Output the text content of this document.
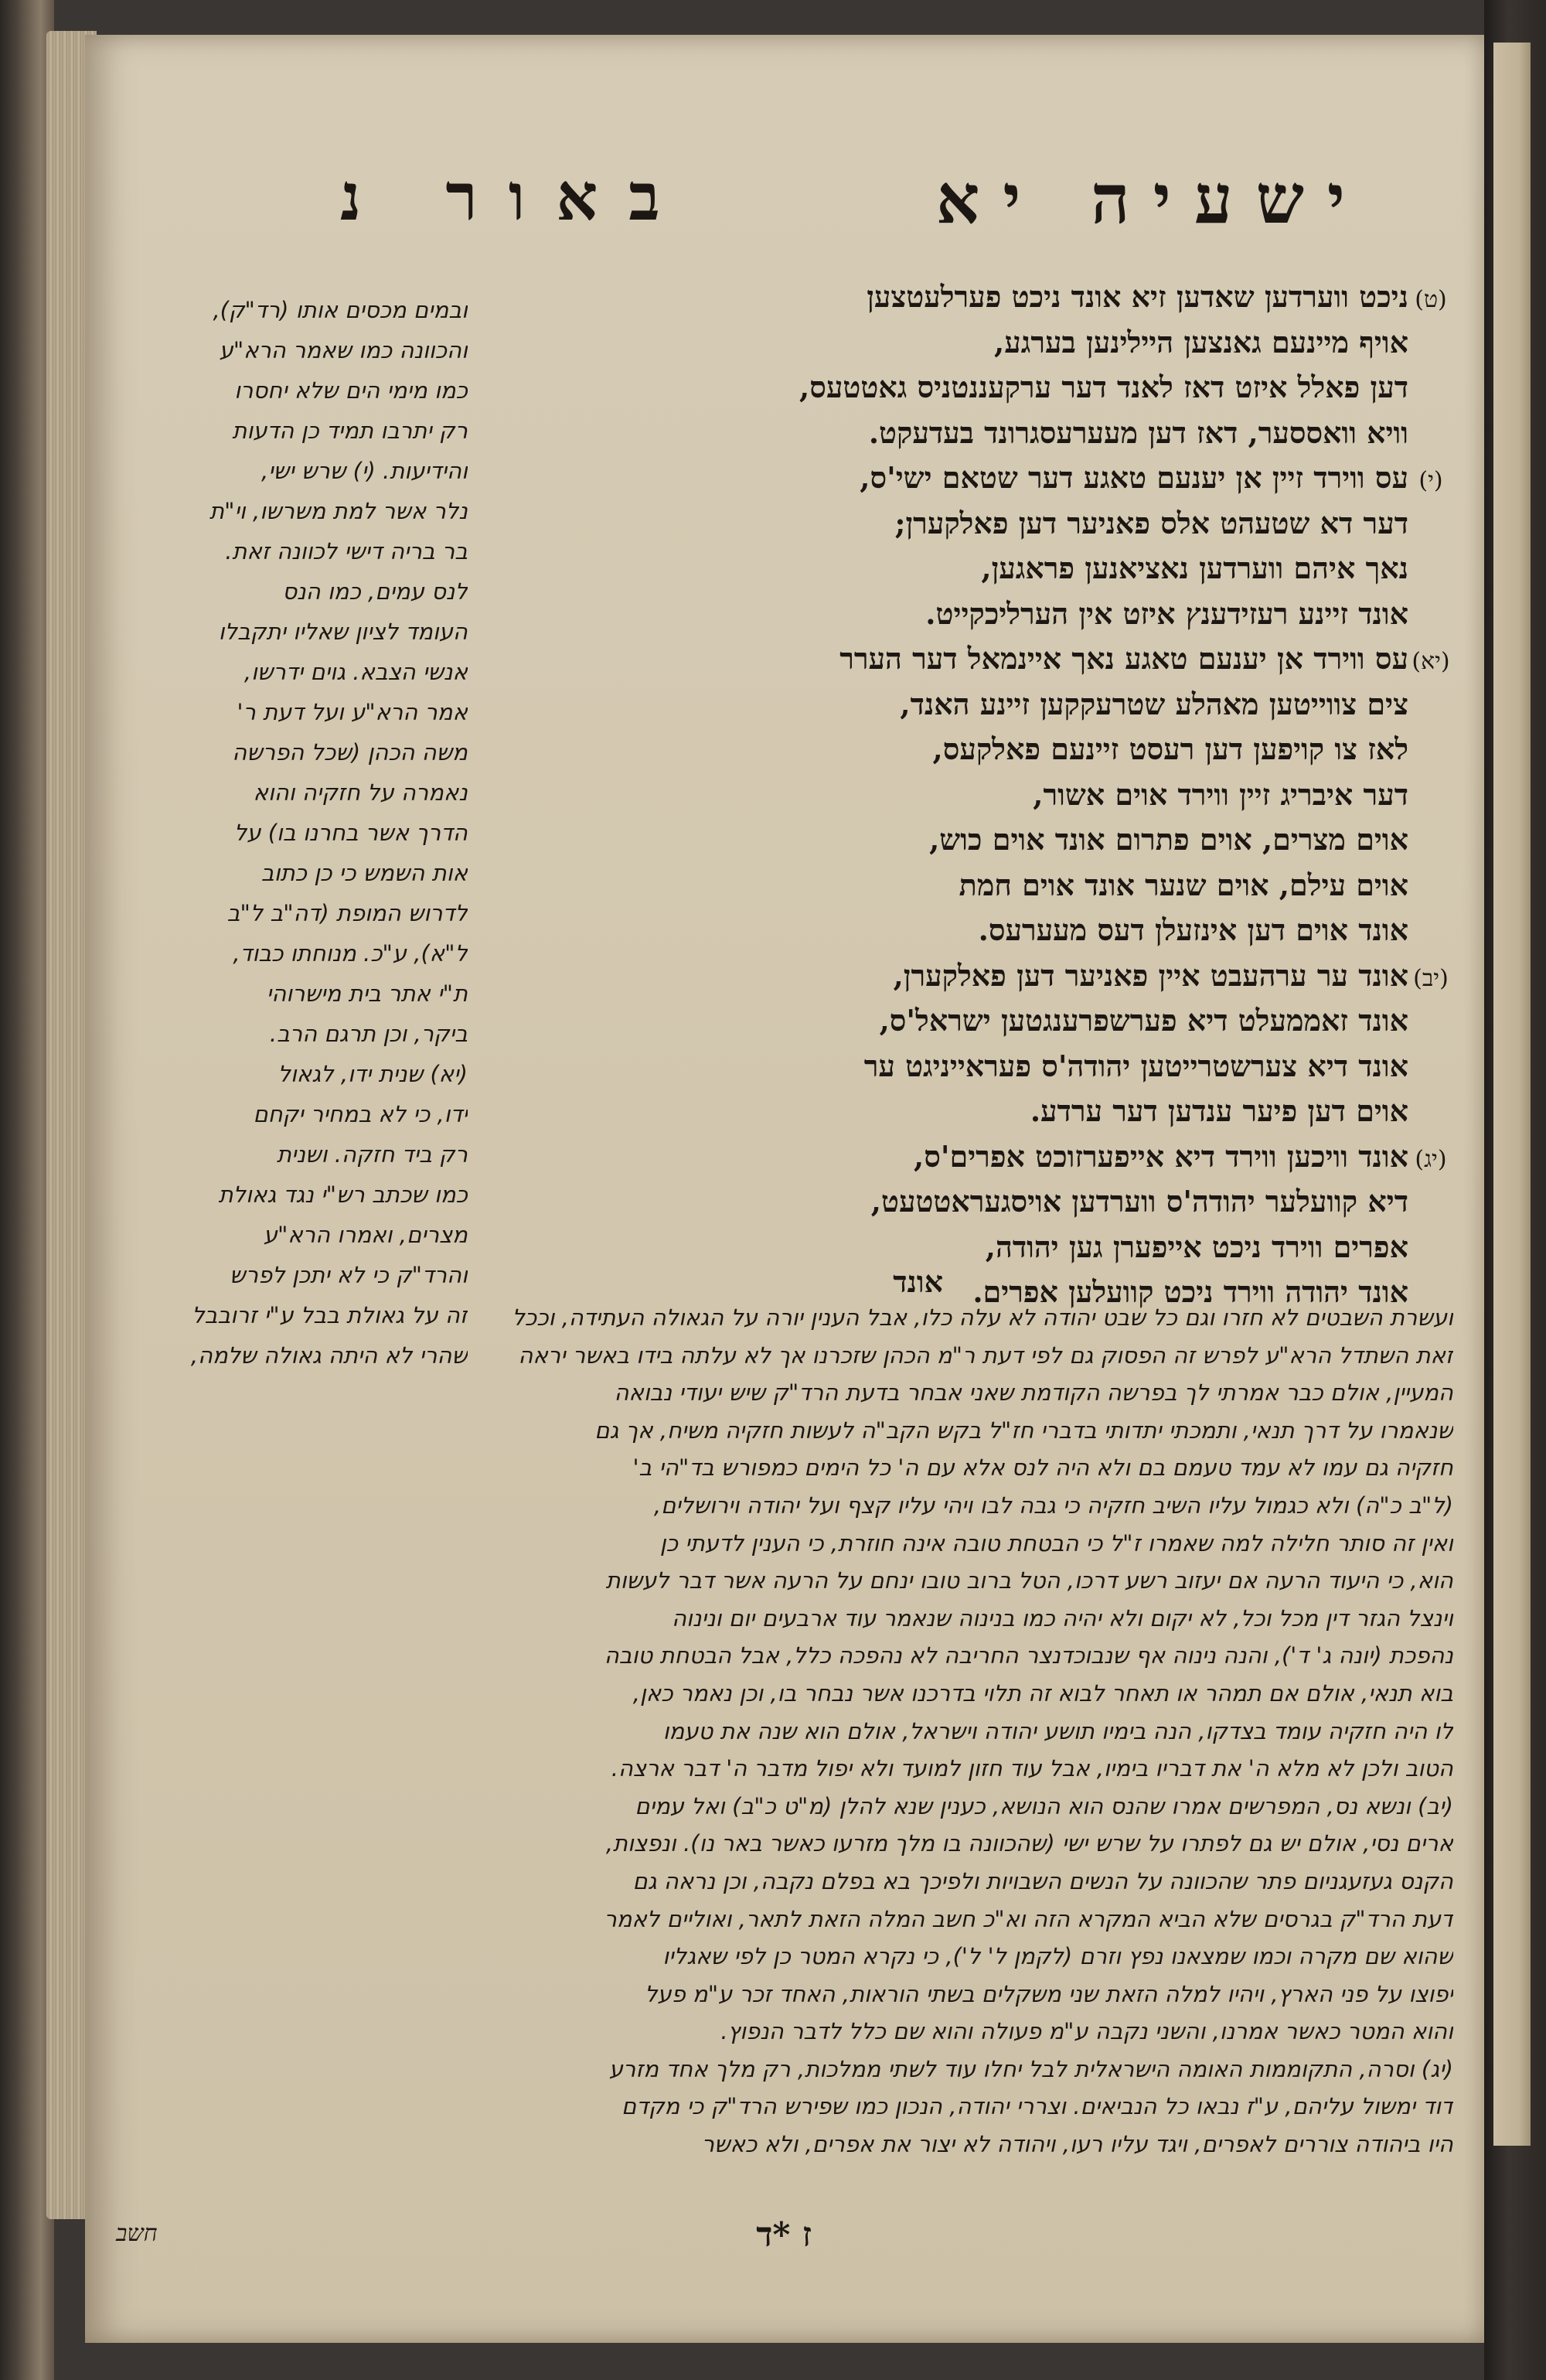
ישעיה יא
באור נ
(ט)
ניכט ווערדען שאדען זיא אונד ניכט פערלעטצען
אויף מיינעם גאנצען היילינען בערגע,
דען פאלל איזט דאז לאנד דער ערקעננטניס גאטטעס,
וויא וואססער, דאז דען מעערעסגרונד בעדעקט.
(י)
עס ווירד זיין אן יענעם טאגע דער שטאם ישי'ס,
דער דא שטעהט אלס פאניער דען פאלקערן;
נאך איהם ווערדען נאציאנען פראגען,
אונד זיינע רעזידענץ איזט אין הערליכקייט.
(יא)
עס ווירד אן יענעם טאגע נאך איינמאל דער הערר
צים צווייטען מאהלע שטרעקקען זיינע האנד,
לאז צו קויפען דען רעסט זיינעם פאלקעס,
דער איבריג זיין ווירד אוים אשור,
אוים מצרים, אוים פתרום אונד אוים כוש,
אוים עילם, אוים שנער אונד אוים חמת
אונד אוים דען אינזעלן דעס מעערעס.
(יב)
אונד ער ערהעבט איין פאניער דען פאלקערן,
אונד זאממעלט דיא פערשפרענגטען ישראל'ס,
אונד דיא צערשטרייטען יהודה'ס פעראייניגט ער
אוים דען פיער ענדען דער ערדע.
(יג)
אונד וויכען ווירד דיא אייפערזוכט אפרים'ס,
דיא קוועלער יהודה'ס ווערדען אויסגעראטטעט,
אפרים ווירד ניכט אייפערן גען יהודה,
אונד יהודה ווירד ניכט קוועלען אפרים.
אונד
ובמים מכסים אותו (רד"ק),
והכוונה כמו שאמר הרא"ע
כמו מימי הים שלא יחסרו
רק יתרבו תמיד כן הדעות
והידיעות. (י) שרש ישי,
נלר אשר למת משרשו, וי"ת
בר בריה דישי לכוונה זאת.
לנס עמים, כמו הנס
העומד לציון שאליו יתקבלו
אנשי הצבא. גוים ידרשו,
אמר הרא"ע ועל דעת ר'
משה הכהן (שכל הפרשה
נאמרה על חזקיה והוא
הדרך אשר בחרנו בו) על
אות השמש כי כן כתוב
לדרוש המופת (דה"ב ל"ב
ל"א), ע"כ. מנוחתו כבוד,
ת"י אתר בית מישרוהי
ביקר, וכן תרגם הרב.
(יא) שנית ידו, לגאול
ידו, כי לא במחיר יקחם
רק ביד חזקה. ושנית
כמו שכתב רש"י נגד גאולת
מצרים, ואמרו הרא"ע
והרד"ק כי לא יתכן לפרש
זה על גאולת בבל ע"י זרובבל
שהרי לא היתה גאולה שלמה,
ועשרת השבטים לא חזרו וגם כל שבט יהודה לא עלה כלו, אבל הענין יורה על הגאולה העתידה, וככל
זאת השתדל הרא"ע לפרש זה הפסוק גם לפי דעת ר"מ הכהן שזכרנו אך לא עלתה בידו באשר יראה
המעיין, אולם כבר אמרתי לך בפרשה הקודמת שאני אבחר בדעת הרד"ק שיש יעודי נבואה
שנאמרו על דרך תנאי, ותמכתי יתדותי בדברי חז"ל בקש הקב"ה לעשות חזקיה משיח, אך גם
חזקיה גם עמו לא עמד טעמם בם ולא היה לנס אלא עם ה' כל הימים כמפורש בד"הי ב'
(ל"ב כ"ה) ולא כגמול עליו השיב חזקיה כי גבה לבו ויהי עליו קצף ועל יהודה וירושלים,
ואין זה סותר חלילה למה שאמרו ז"ל כי הבטחת טובה אינה חוזרת, כי הענין לדעתי כן
הוא, כי היעוד הרעה אם יעזוב רשע דרכו, הטל ברוב טובו ינחם על הרעה אשר דבר לעשות
וינצל הגזר דין מכל וכל, לא יקום ולא יהיה כמו בנינוה שנאמר עוד ארבעים יום ונינוה
נהפכת (יונה ג' ד'), והנה נינוה אף שנבוכדנצר החריבה לא נהפכה כלל, אבל הבטחת טובה
בוא תנאי, אולם אם תמהר או תאחר לבוא זה תלוי בדרכנו אשר נבחר בו, וכן נאמר כאן,
לו היה חזקיה עומד בצדקו, הנה בימיו תושע יהודה וישראל, אולם הוא שנה את טעמו
הטוב ולכן לא מלא ה' את דבריו בימיו, אבל עוד חזון למועד ולא יפול מדבר ה' דבר ארצה.
(יב) ונשא נס, המפרשים אמרו שהנס הוא הנושא, כענין שנא להלן (מ"ט כ"ב) ואל עמים
ארים נסי, אולם יש גם לפתרו על שרש ישי (שהכוונה בו מלך מזרעו כאשר באר נו). ונפצות,
הקנס געזעגניום פתר שהכוונה על הנשים השבויות ולפיכך בא בפלם נקבה, וכן נראה גם
דעת הרד"ק בגרסים שלא הביא המקרא הזה וא"כ חשב המלה הזאת לתאר, ואוליים לאמר
שהוא שם מקרה וכמו שמצאנו נפץ וזרם (לקמן ל' ל'), כי נקרא המטר כן לפי שאגליו
יפוצו על פני הארץ, ויהיו למלה הזאת שני משקלים בשתי הוראות, האחד זכר ע"מ פעל
והוא המטר כאשר אמרנו, והשני נקבה ע"מ פעולה והוא שם כלל לדבר הנפוץ.
(יג) וסרה, התקוממות האומה הישראלית לבל יחלו עוד לשתי ממלכות, רק מלך אחד מזרע
דוד ימשול עליהם, ע"ז נבאו כל הנביאים. וצררי יהודה, הנכון כמו שפירש הרד"ק כי מקדם
היו ביהודה צוררים לאפרים, ויגד עליו רעו, ויהודה לא יצור את אפרים, ולא כאשר
ז *ד
חשב
